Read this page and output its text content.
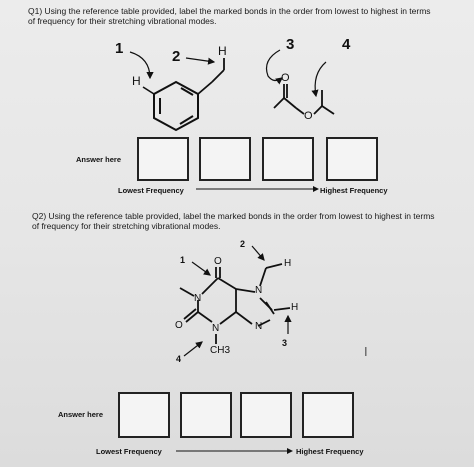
Q1) Using the reference table provided, label the marked bonds in the order from lowest to highest in terms
of frequency for their stretching vibrational modes.
1	2
3	4
H
H
O
O
Answer here
Lowest Frequency	Highest Frequency
Q2) Using the reference table provided, label the marked bonds in the order from lowest to highest in terms
of frequency for their stretching vibrational modes.
1
2
3
4
O
N
N
N
N
O
H
H
CH3	I
Answer here
Lowest Frequency	Highest Frequency
